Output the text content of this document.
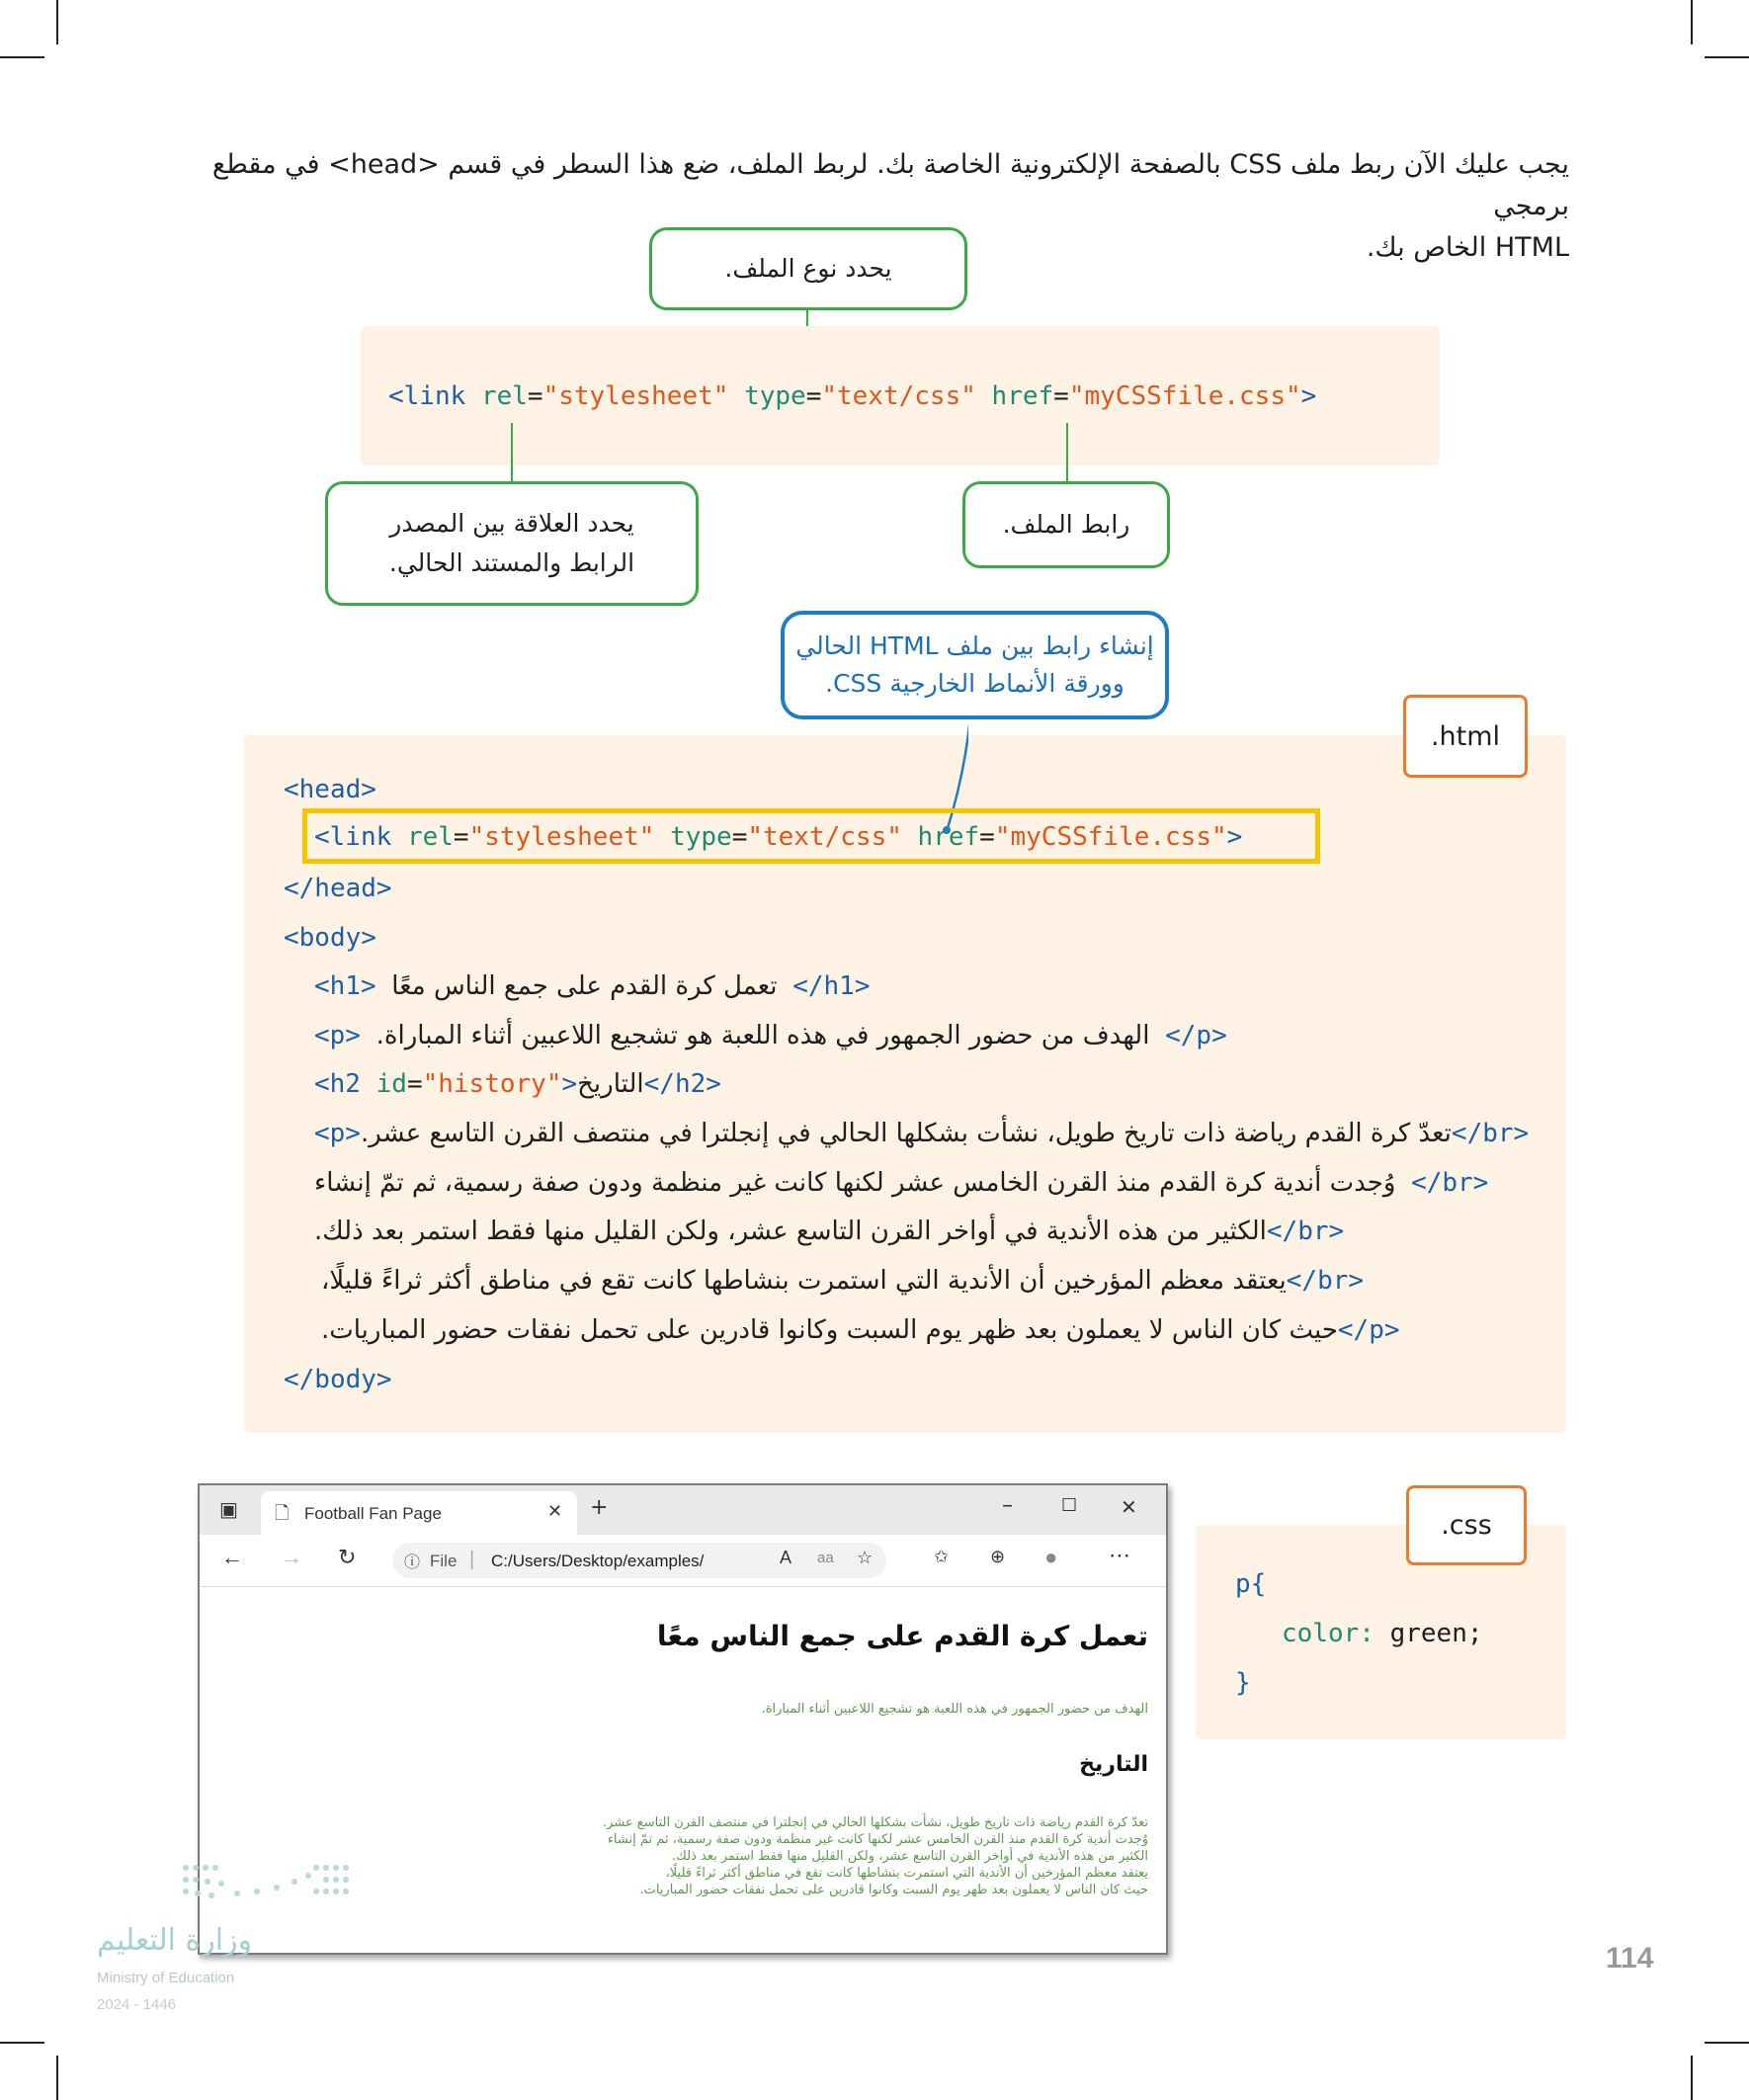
يجب عليك الآن ربط ملف CSS بالصفحة الإلكترونية الخاصة بك. لربط الملف، ضع هذا السطر في قسم <head> في مقطع برمجي
HTML الخاص بك.
يحدد نوع الملف.
<link rel="stylesheet" type="text/css" href="myCSSfile.css">
يحدد العلاقة بين المصدر
الرابط والمستند الحالي.
رابط الملف.
إنشاء رابط بين ملف HTML الحالي
وورقة الأنماط الخارجية CSS.
.html
<head>
<link rel="stylesheet" type="text/css" href="myCSSfile.css">
</head>
<body>
<h1> تعمل كرة القدم على جمع الناس معًا </h1>
<p> الهدف من حضور الجمهور في هذه اللعبة هو تشجيع اللاعبين أثناء المباراة. </p>
<h2 id="history">التاريخ</h2>
<p>تعدّ كرة القدم رياضة ذات تاريخ طويل، نشأت بشكلها الحالي في إنجلترا في منتصف القرن التاسع عشر.</br>
وُجدت أندية كرة القدم منذ القرن الخامس عشر لكنها كانت غير منظمة ودون صفة رسمية، ثم تمّ إنشاء </br>
الكثير من هذه الأندية في أواخر القرن التاسع عشر، ولكن القليل منها فقط استمر بعد ذلك.</br>
يعتقد معظم المؤرخين أن الأندية التي استمرت بنشاطها كانت تقع في مناطق أكثر ثراءً قليلًا،</br>
حيث كان الناس لا يعملون بعد ظهر يوم السبت وكانوا قادرين على تحمل نفقات حضور المباريات.</p>
</body>
.css
p{
color: green;
}
▣ 🗋 Football Fan Page	✕ +	–	☐ ✕
← → ↻	ⓘ File | C:/Users/Desktop/examples/	A aa ☆	✩ ⊕ ● ⋯
تعمل كرة القدم على جمع الناس معًا
الهدف من حضور الجمهور في هذه اللعبة هو تشجيع اللاعبين أثناء المباراة.
التاريخ
تعدّ كرة القدم رياضة ذات تاريخ طويل، نشأت بشكلها الحالي في إنجلترا في منتصف القرن التاسع عشر.
وُجدت أندية كرة القدم منذ القرن الخامس عشر لكنها كانت غير منظمة ودون صفة رسمية، ثم تمّ إنشاء
الكثير من هذه الأندية في أواخر القرن التاسع عشر، ولكن القليل منها فقط استمر بعد ذلك.
يعتقد معظم المؤرخين أن الأندية التي استمرت بنشاطها كانت تقع في مناطق أكثر ثراءً قليلًا،
حيث كان الناس لا يعملون بعد ظهر يوم السبت وكانوا قادرين على تحمل نفقات حضور المباريات.
وزارة التعليم
Ministry of Education
2024 - 1446
114
